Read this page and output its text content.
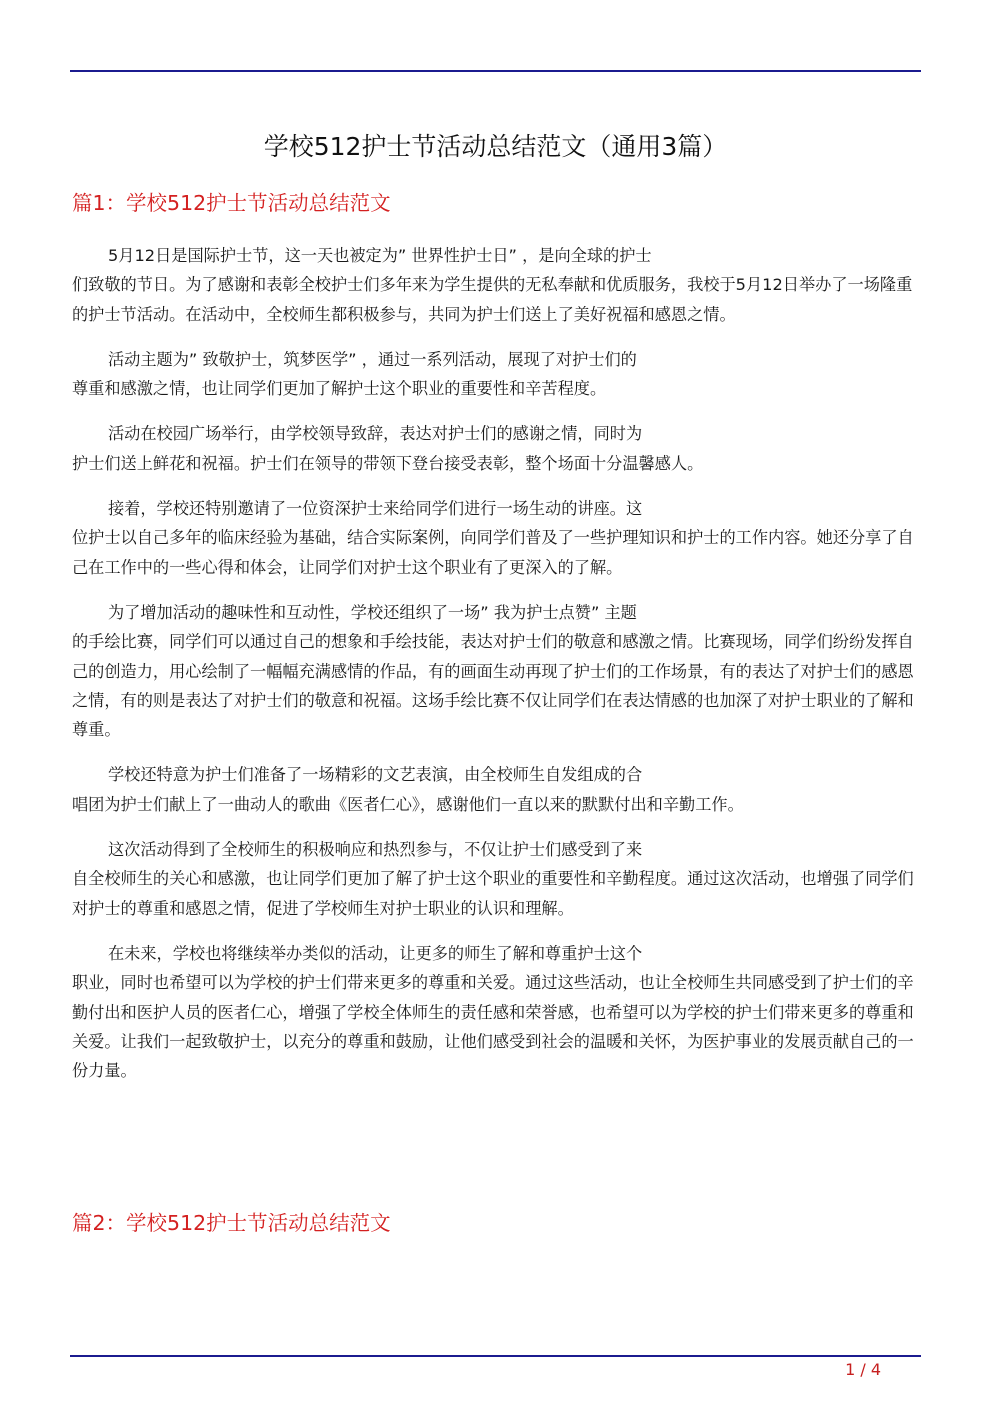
学校512护士节活动总结范文（通用3篇）
篇1：学校512护士节活动总结范文

5月12日是国际护士节，这一天也被定为” 世界性护士日” ，是向全球的护士
们致敬的节日。为了感谢和表彰全校护士们多年来为学生提供的无私奉献和优质服务，我校于5月12日举办了一场隆重的护士节活动。在活动中，全校师生都积极参与，共同为护士们送上了美好祝福和感恩之情。

活动主题为” 致敬护士，筑梦医学” ，通过一系列活动，展现了对护士们的
尊重和感激之情，也让同学们更加了解护士这个职业的重要性和辛苦程度。

活动在校园广场举行，由学校领导致辞，表达对护士们的感谢之情，同时为
护士们送上鲜花和祝福。护士们在领导的带领下登台接受表彰，整个场面十分温馨感人。

接着，学校还特别邀请了一位资深护士来给同学们进行一场生动的讲座。这
位护士以自己多年的临床经验为基础，结合实际案例，向同学们普及了一些护理知识和护士的工作内容。她还分享了自己在工作中的一些心得和体会，让同学们对护士这个职业有了更深入的了解。

为了增加活动的趣味性和互动性，学校还组织了一场” 我为护士点赞” 主题
的手绘比赛，同学们可以通过自己的想象和手绘技能，表达对护士们的敬意和感激之情。比赛现场，同学们纷纷发挥自己的创造力，用心绘制了一幅幅充满感情的作品，有的画面生动再现了护士们的工作场景，有的表达了对护士们的感恩之情，有的则是表达了对护士们的敬意和祝福。这场手绘比赛不仅让同学们在表达情感的也加深了对护士职业的了解和尊重。

学校还特意为护士们准备了一场精彩的文艺表演，由全校师生自发组成的合
唱团为护士们献上了一曲动人的歌曲《医者仁心》，感谢他们一直以来的默默付出和辛勤工作。

这次活动得到了全校师生的积极响应和热烈参与，不仅让护士们感受到了来
自全校师生的关心和感激，也让同学们更加了解了护士这个职业的重要性和辛勤程度。通过这次活动，也增强了同学们对护士的尊重和感恩之情，促进了学校师生对护士职业的认识和理解。

在未来，学校也将继续举办类似的活动，让更多的师生了解和尊重护士这个
职业，同时也希望可以为学校的护士们带来更多的尊重和关爱。通过这些活动，也让全校师生共同感受到了护士们的辛勤付出和医护人员的医者仁心，增强了学校全体师生的责任感和荣誉感，也希望可以为学校的护士们带来更多的尊重和关爱。让我们一起致敬护士，以充分的尊重和鼓励，让他们感受到社会的温暖和关怀，为医护事业的发展贡献自己的一份力量。

篇2：学校512护士节活动总结范文
1 / 4
